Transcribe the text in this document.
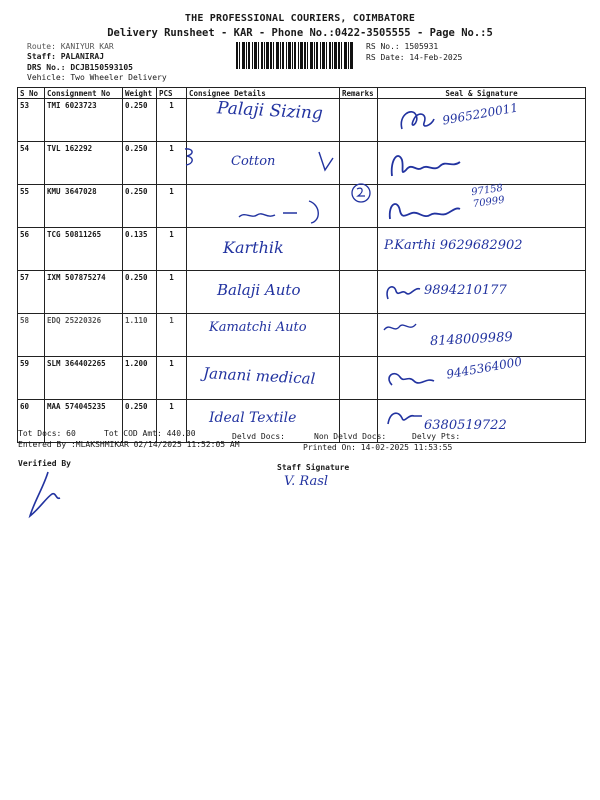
THE PROFESSIONAL COURIERS, COIMBATORE
Delivery Runsheet - KAR - Phone No.:0422-3505555 - Page No.:5
Route: KANIYUR KAR
Staff: PALANIRAJ
DRS No.: DCJB150593105
Vehicle: Two Wheeler Delivery
RS No.: 1505931
RS Date: 14-Feb-2025
S No	Consignment No	Weight	PCS	Consignee Details	Remarks	Seal & Signature
53	TMI 6023723	0.250	1	Palaji Sizing		9965220011

54	TVL 162292	0.250	1	Cotton

55	KMU 3647028	0.250	1			97158 70999

56	TCG 50811265	0.135	1	Karthik		P.Karthi 9629682902

57	IXM 507875274	0.250	1	Balaji Auto		9894210177

58	EDQ 25220326	1.110	1	Kamatchi Auto		8148009989

59	SLM 364402265	1.200	1	Janani medical		9445364000

60	MAA 574045235	0.250	1	Ideal Textile		6380519722
Tot Docs: 60	Tot COD Amt: 440.00	Delvd Docs:	Non Delvd Docs:	Delvy Pts:
Entered By :MLAKSHMIKAR 02/14/2025 11:52:05 AM	Printed On: 14-02-2025 11:53:55
Verified By	Staff Signature
V. Rasl
